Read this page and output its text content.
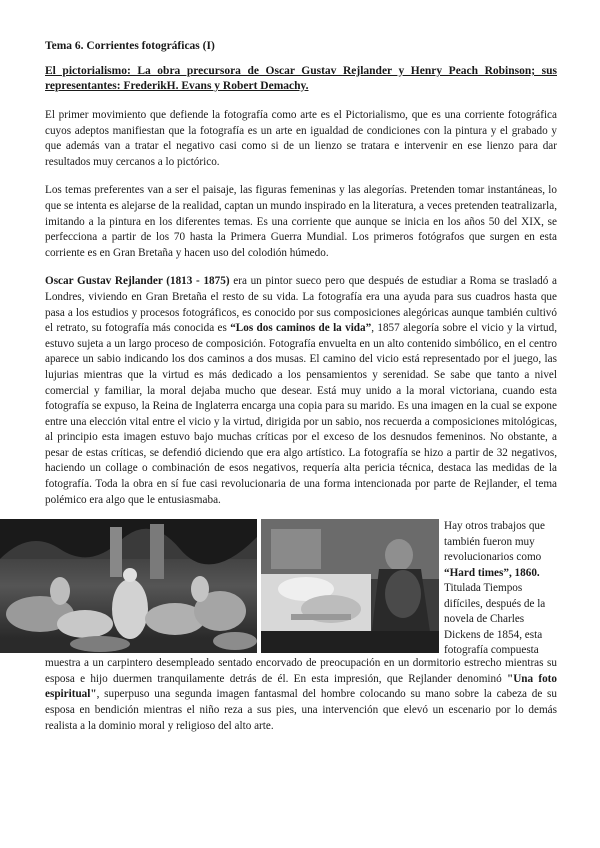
Tema 6. Corrientes fotográficas (I)
El pictorialismo: La obra precursora de Oscar Gustav Rejlander y Henry Peach Robinson; sus representantes: FrederikH. Evans y Robert Demachy.

El primer movimiento que defiende la fotografía como arte es el Pictorialismo, que es una corriente fotográfica cuyos adeptos manifiestan que la fotografía es un arte en igualdad de condiciones con la pintura y el grabado y que además van a tratar el negativo casi como si de un lienzo se tratara e intervenir en ese lienzo para dar resultados muy cercanos a lo pictórico.

Los temas preferentes van a ser el paisaje, las figuras femeninas y las alegorías. Pretenden tomar instantáneas, lo que se intenta es alejarse de la realidad, captan un mundo inspirado en la literatura, a veces pretenden teatralizarla, imitando a la pintura en los diferentes temas. Es una corriente que aunque se inicia en los años 50 del XIX, se perfecciona a partir de los 70 hasta la Primera Guerra Mundial. Los primeros fotógrafos que surgen en esta corriente es en Gran Bretaña y hacen uso del colodión húmedo.

Oscar Gustav Rejlander (1813 - 1875) era un pintor sueco pero que después de estudiar a Roma se trasladó a Londres, viviendo en Gran Bretaña el resto de su vida. La fotografía era una ayuda para sus cuadros hasta que pasa a los estudios y procesos fotográficos, es conocido por sus composiciones alegóricas aunque también cultivó el retrato, su fotografía más conocida es “Los dos caminos de la vida”, 1857 alegoría sobre el vicio y la virtud, estuvo sujeta a un largo proceso de composición. Fotografía envuelta en un alto contenido simbólico, en el centro aparece un sabio indicando los dos caminos a dos musas. El camino del vicio está representado por el juego, las lujurias mientras que la virtud es más dedicado a los pensamientos y serenidad. Se sabe que tanto a nivel comercial y familiar, la moral dejaba mucho que desear. Está muy unido a la moral victoriana, cuando esta fotografía se expuso, la Reina de Inglaterra encarga una copia para su marido. Es una imagen en la cual se expone entre una elección vital entre el vicio y la virtud, dirigida por un sabio, nos recuerda a composiciones mitológicas, al principio esta imagen estuvo bajo muchas críticas por el exceso de los desnudos femeninos. No obstante, a pesar de estas críticas, se defendió diciendo que era algo artístico. La fotografía se hizo a partir de 32 negativos, haciendo un collage o combinación de esos negativos, requería alta pericia técnica, destaca las medidas de la fotografía. Toda la obra en sí fue casi revolucionaria de una forma intencionada por parte de Rejlander, el tema polémico era algo que le entusiasmaba.

Hay otros trabajos que
también fueron muy
revolucionarios como
“Hard times”, 1860.
Titulada Tiempos
difíciles, después de la
novela de Charles
Dickens de 1854, esta
fotografía compuesta

muestra a un carpintero desempleado sentado encorvado de preocupación en un dormitorio estrecho mientras su esposa e hijo duermen tranquilamente detrás de él. En esta impresión, que Rejlander denominó "Una foto espiritual", superpuso una segunda imagen fantasmal del hombre colocando su mano sobre la cabeza de su esposa en bendición mientras el niño reza a sus pies, una intervención que elevó un escenario por lo demás realista a la dominio moral y religioso del alto arte.
